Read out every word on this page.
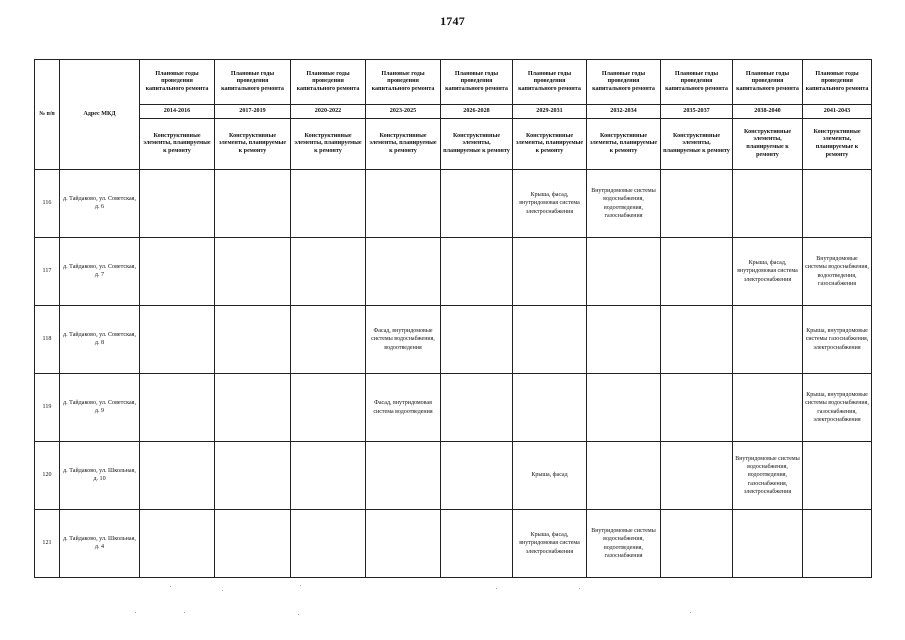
1747
№ п/п	Адрес МКД	Плановые годы проведения капитального ремонта	Плановые годы проведения капитального ремонта	Плановые годы проведения капитального ремонта	Плановые годы проведения капитального ремонта	Плановые годы проведения капитального ремонта	Плановые годы проведения капитального ремонта	Плановые годы проведения капитального ремонта	Плановые годы проведения капитального ремонта	Плановые годы проведения капитального ремонта	Плановые годы проведения капитального ремонта
		2014-2016	2017-2019	2020-2022	2023-2025	2026-2028	2029-2031	2032-2034	2035-2037	2038-2040	2041-2043
		Конструктивные элементы, планируемые к ремонту	Конструктивные элементы, планируемые к ремонту	Конструктивные элементы, планируемые к ремонту	Конструктивные элементы, планируемые к ремонту	Конструктивные элементы, планируемые к ремонту	Конструктивные элементы, планируемые к ремонту	Конструктивные элементы, планируемые к ремонту	Конструктивные элементы, планируемые к ремонту	Конструктивные элементы, планируемые к ремонту	Конструктивные элементы, планируемые к ремонту
116	д. Тайдаково, ул. Советская, д. 6						Крыша, фасад, внутридомовая система электроснабжения	Внутридомовые системы водоснабжения, водоотведения, газоснабжения			
117	д. Тайдаково, ул. Советская, д. 7									Крыша, фасад, внутридомовая система электроснабжения	Внутридомовые системы водоснабжения, водоотведения, газоснабжения
118	д. Тайдаково, ул. Советская, д. 8				Фасад, внутридомовые системы водоснабжения, водоотведения						Крыша, внутридомовые системы газоснабжения, электроснабжения
119	д. Тайдаково, ул. Советская, д. 9				Фасад, внутридомовая система водоотведения						Крыша, внутридомовые системы водоснабжения, газоснабжения, электроснабжения
120	д. Тайдаково, ул. Школьная, д. 10						Крыша, фасад			Внутридомовые системы водоснабжения, водоотведения, газоснабжения, электроснабжения	
121	д. Тайдаково, ул. Школьная, д. 4						Крыша, фасад, внутридомовая система электроснабжения	Внутридомовые системы водоснабжения, водоотведения, газоснабжения			
